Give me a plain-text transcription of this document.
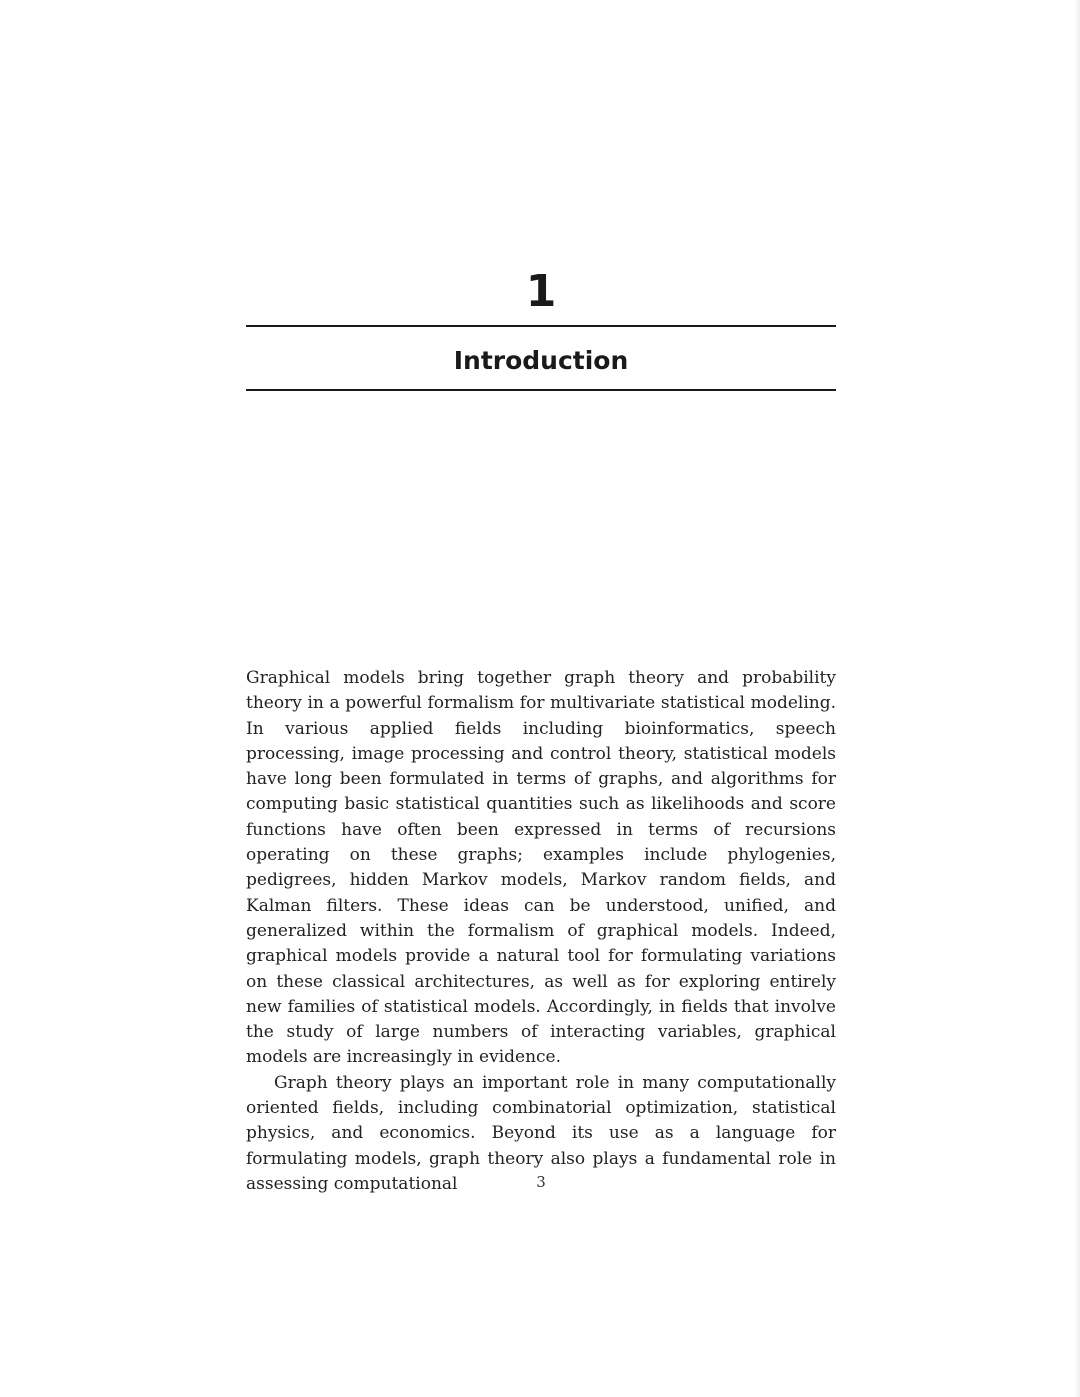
1
Introduction

Graphical models bring together graph theory and probability theory in a powerful formalism for multivariate statistical modeling. In various applied fields including bioinformatics, speech processing, image processing and control theory, statistical models have long been formulated in terms of graphs, and algorithms for computing basic statistical quantities such as likelihoods and score functions have often been expressed in terms of recursions operating on these graphs; examples include phylogenies, pedigrees, hidden Markov models, Markov random fields, and Kalman filters. These ideas can be understood, unified, and generalized within the formalism of graphical models. Indeed, graphical models provide a natural tool for formulating variations on these classical architectures, as well as for exploring entirely new families of statistical models. Accordingly, in fields that involve the study of large numbers of interacting variables, graphical models are increasingly in evidence.

Graph theory plays an important role in many computationally oriented fields, including combinatorial optimization, statistical physics, and economics. Beyond its use as a language for formulating models, graph theory also plays a fundamental role in assessing computational	3
